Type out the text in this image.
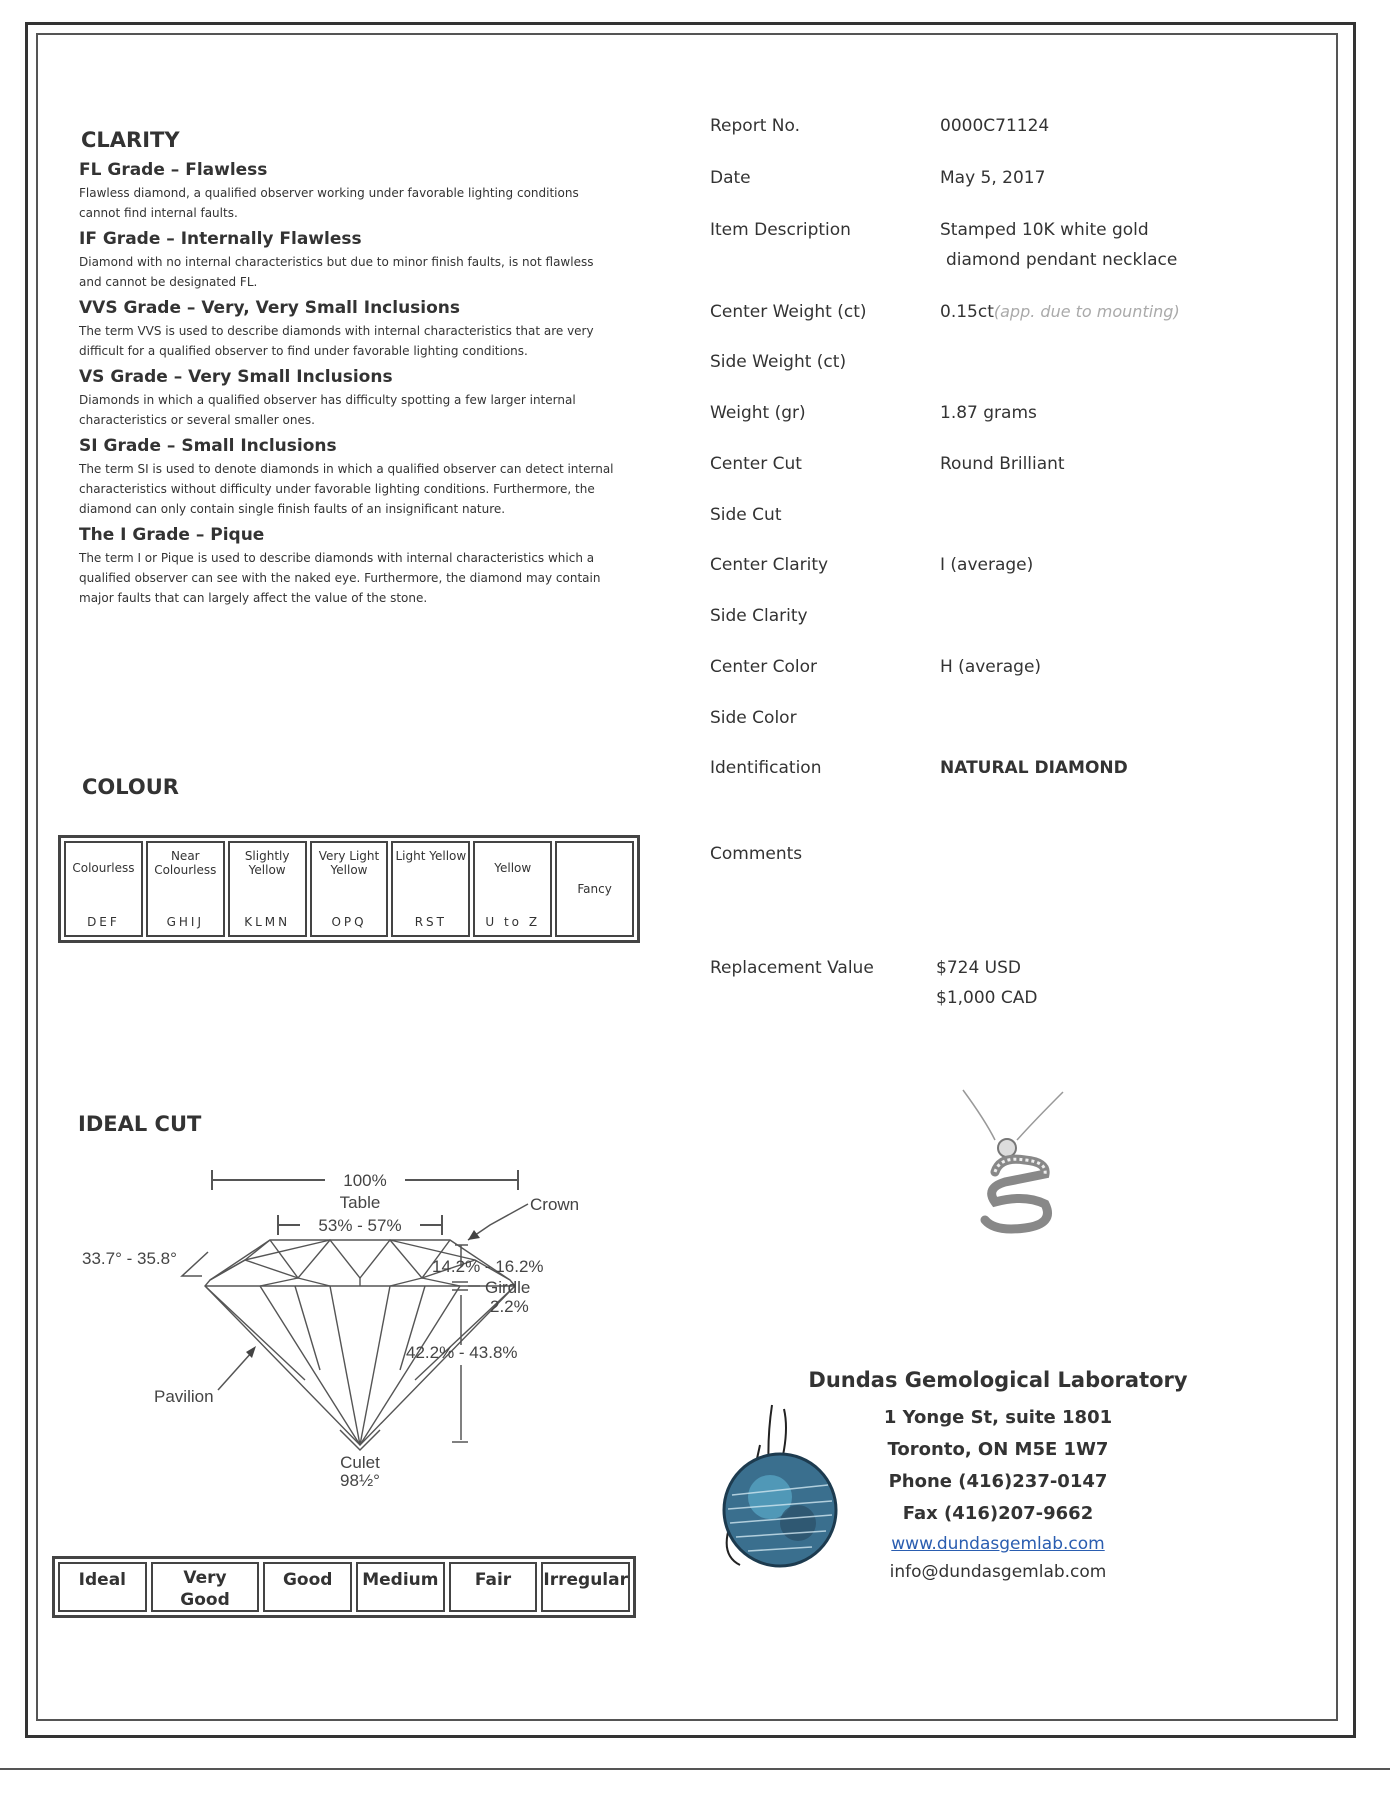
CLARITY
FL Grade – Flawless
Flawless diamond, a qualified observer working under favorable lighting conditions cannot find internal faults.
IF Grade – Internally Flawless
Diamond with no internal characteristics but due to minor finish faults, is not flawless and cannot be designated FL.
VVS Grade – Very, Very Small Inclusions
The term VVS is used to describe diamonds with internal characteristics that are very difficult for a qualified observer to find under favorable lighting conditions.
VS Grade – Very Small Inclusions
Diamonds in which a qualified observer has difficulty spotting a few larger internal characteristics or several smaller ones.
SI Grade – Small Inclusions
The term SI is used to denote diamonds in which a qualified observer can detect internal characteristics without difficulty under favorable lighting conditions. Furthermore, the diamond can only contain single finish faults of an insignificant nature.
The I Grade – Pique
The term I or Pique is used to describe diamonds with internal characteristics which a qualified observer can see with the naked eye. Furthermore, the diamond may contain major faults that can largely affect the value of the stone.
COLOUR
Colourless
DEF
Near Colourless
GHIJ
Slightly Yellow
KLMN
Very Light Yellow
OPQ
Light Yellow
RST
Yellow
U to Z
Fancy
IDEAL CUT
100%
Table
53% - 57%
Crown
33.7° - 35.8°	14.2% - 16.2%
Girdle
2.2%
42.2% - 43.8%
Pavilion
Culet
98½°
Ideal	Very Good
Good	Medium	Fair	Irregular
Report No.	0000C71124
Date	May 5, 2017
Item Description	Stamped 10K white gold
diamond pendant necklace
Center Weight (ct)	0.15ct(app. due to mounting)
Side Weight (ct)
Weight (gr)	1.87 grams
Center Cut	Round Brilliant
Side Cut
Center Clarity	I (average)
Side Clarity
Center Color	H (average)
Side Color
Identification	NATURAL DIAMOND
Comments
Replacement Value	$724 USD
$1,000 CAD
Dundas Gemological Laboratory
1 Yonge St, suite 1801
Toronto, ON M5E 1W7
Phone (416)237-0147
Fax (416)207-9662
www.dundasgemlab.com
info@dundasgemlab.com
